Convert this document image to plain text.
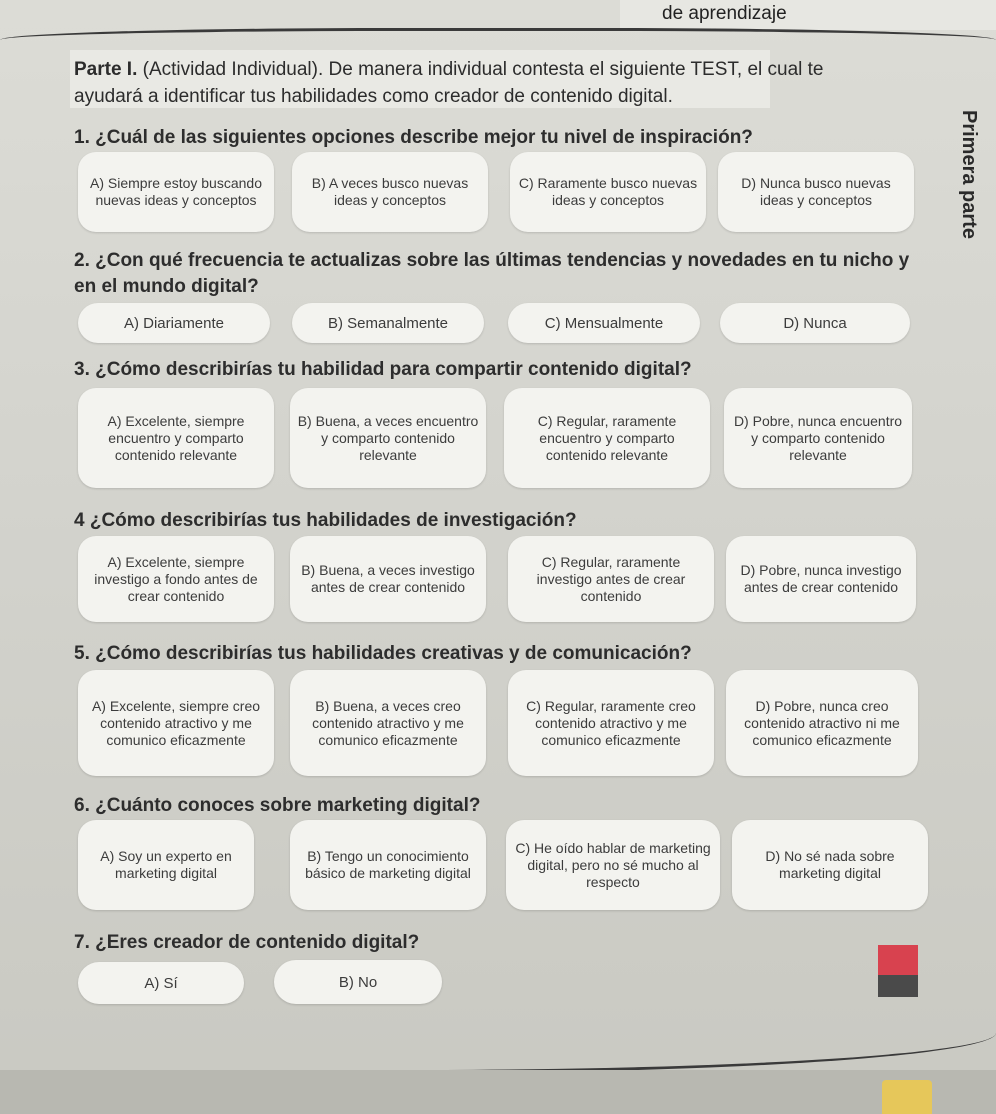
de aprendizaje
Parte I. (Actividad Individual). De manera individual contesta el siguiente TEST, el cual te ayudará a identificar tus habilidades como creador de contenido digital.
Primera parte
1. ¿Cuál de las siguientes opciones describe mejor tu nivel de inspiración?
A) Siempre estoy buscando nuevas ideas y conceptos
B) A veces busco nuevas ideas y conceptos
C) Raramente busco nuevas ideas y conceptos
D) Nunca busco nuevas ideas y conceptos
2. ¿Con qué frecuencia te actualizas sobre las últimas tendencias y novedades en tu nicho y en el mundo digital?
A) Diariamente	B) Semanalmente	C) Mensualmente	D) Nunca
3. ¿Cómo describirías tu habilidad para compartir contenido digital?
A) Excelente, siempre encuentro y comparto contenido relevante
B) Buena, a veces encuentro y comparto contenido relevante
C) Regular, raramente encuentro y comparto contenido relevante
D) Pobre, nunca encuentro y comparto contenido relevante
4 ¿Cómo describirías tus habilidades de investigación?
A) Excelente, siempre investigo a fondo antes de crear contenido
B) Buena, a veces investigo antes de crear contenido
C) Regular, raramente investigo antes de crear contenido
D) Pobre, nunca investigo antes de crear contenido
5. ¿Cómo describirías tus habilidades creativas y de comunicación?
A) Excelente, siempre creo contenido atractivo y me comunico eficazmente
B) Buena, a veces creo contenido atractivo y me comunico eficazmente
C) Regular, raramente creo contenido atractivo y me comunico eficazmente
D) Pobre, nunca creo contenido atractivo ni me comunico eficazmente
6. ¿Cuánto conoces sobre marketing digital?
A) Soy un experto en marketing digital
B) Tengo un conocimiento básico de marketing digital
C) He oído hablar de marketing digital, pero no sé mucho al respecto
D) No sé nada sobre marketing digital
7. ¿Eres creador de contenido digital?
A) Sí	B) No
